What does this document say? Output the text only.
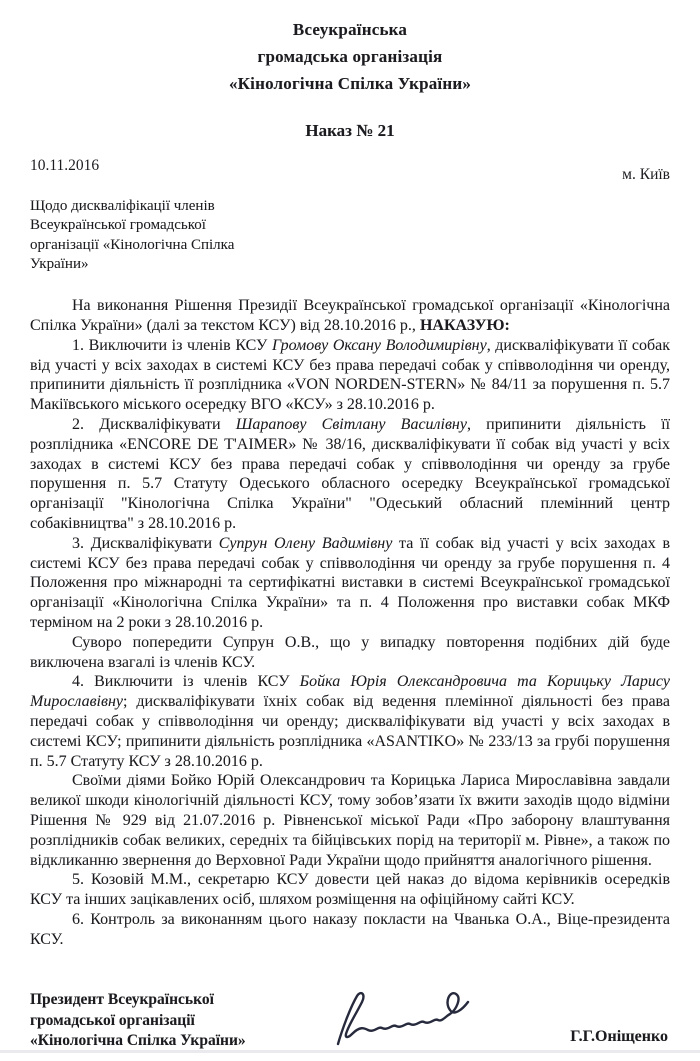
Всеукраїнська
громадська організація
«Кінологічна Спілка України»
Наказ № 21
10.11.2016
м. Київ
Щодо дискваліфікації членів
Всеукраїнської громадської
організації «Кінологічна Спілка
України»

На виконання Рішення Президії Всеукраїнської громадської організації «Кінологічна Спілка України» (далі за текстом КСУ) від 28.10.2016 р., НАКАЗУЮ:

1. Виключити із членів КСУ Громову Оксану Володимирівну, дискваліфікувати її собак від участі у всіх заходах в системі КСУ без права передачі собак у співволодіння чи оренду, припинити діяльність її розплідника «VON NORDEN-STERN» № 84/11 за порушення п. 5.7 Макіївського міського осередку ВГО «КСУ» з 28.10.2016 р.

2. Дискваліфікувати Шарапову Світлану Василівну, припинити діяльність її розплідника «ENCORE DE T'AIMER» № 38/16, дискваліфікувати її собак від участі у всіх заходах в системі КСУ без права передачі собак у співволодіння чи оренду за грубе порушення п. 5.7 Статуту Одеського обласного осередку Всеукраїнської громадської організації "Кінологічна Спілка України" "Одеський обласний племінний центр собаківництва" з 28.10.2016 р.

3. Дискваліфікувати Супрун Олену Вадимівну та її собак від участі у всіх заходах в системі КСУ без права передачі собак у співволодіння чи оренду за грубе порушення п. 4 Положення про міжнародні та сертифікатні виставки в системі Всеукраїнської громадської організації «Кінологічна Спілка України» та п. 4 Положення про виставки собак МКФ терміном на 2 роки з 28.10.2016 р.

Суворо попередити Супрун О.В., що у випадку повторення подібних дій буде виключена взагалі із членів КСУ.

4. Виключити із членів КСУ Бойка Юрія Олександровича та Корицьку Ларису Мирославівну; дискваліфікувати їхніх собак від ведення племінної діяльності без права передачі собак у співволодіння чи оренду; дискваліфікувати від участі у всіх заходах в системі КСУ; припинити діяльність розплідника «ASANTIKO» № 233/13 за грубі порушення п. 5.7 Статуту КСУ з 28.10.2016 р.

Своїми діями Бойко Юрій Олександрович та Корицька Лариса Мирославівна завдали великої шкоди кінологічній діяльності КСУ, тому зобов’язати їх вжити заходів щодо відміни Рішення № 929 від 21.07.2016 р. Рівненської міської Ради «Про заборону влаштування розплідників собак великих, середніх та бійцівських порід на території м. Рівне», а також по відкликанню звернення до Верховної Ради України щодо прийняття аналогічного рішення.

5. Козовій М.М., секретарю КСУ довести цей наказ до відома керівників осередків КСУ та інших зацікавлених осіб, шляхом розміщення на офіційному сайті КСУ.

6. Контроль за виконанням цього наказу покласти на Чванька О.А., Віце-президента КСУ.

Президент Всеукраїнської
громадської організації
«Кінологічна Спілка України»	Г.Г.Оніщенко
